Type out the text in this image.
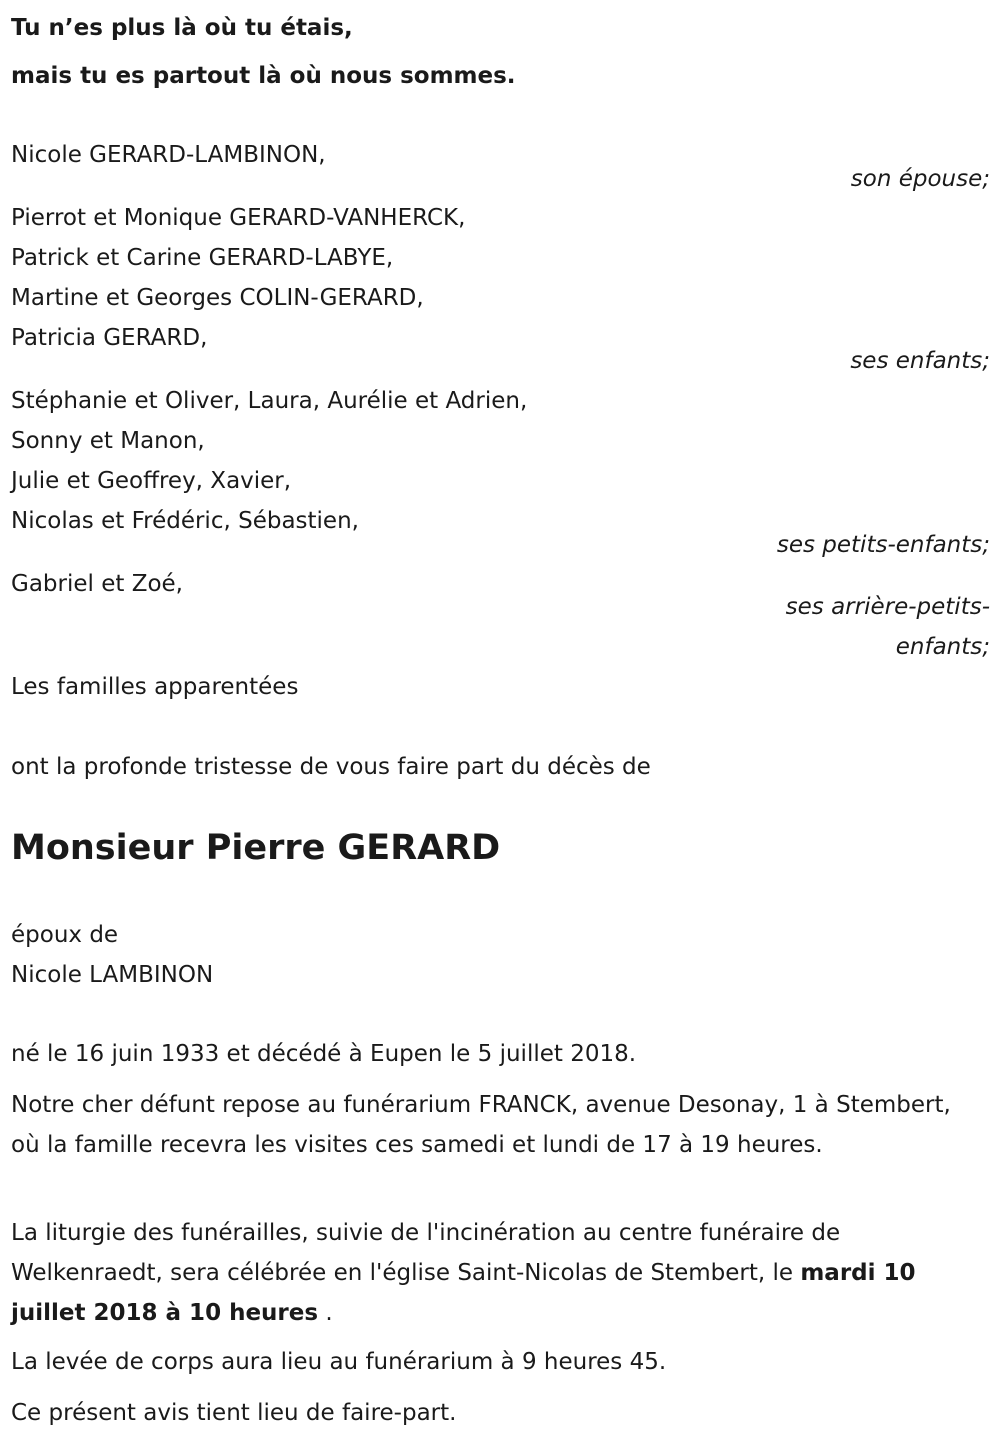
Tu n’es plus là où tu étais,
mais tu es partout là où nous sommes.
Nicole GERARD-LAMBINON,
son épouse;
Pierrot et Monique GERARD-VANHERCK,
Patrick et Carine GERARD-LABYE,
Martine et Georges COLIN-GERARD,
Patricia GERARD,
ses enfants;
Stéphanie et Oliver, Laura, Aurélie et Adrien,
Sonny et Manon,
Julie et Geoffrey, Xavier,
Nicolas et Frédéric, Sébastien,
ses petits-enfants;
Gabriel et Zoé,
ses arrière-petits-
enfants;
Les familles apparentées
ont la profonde tristesse de vous faire part du décès de
Monsieur Pierre GERARD
époux de
Nicole LAMBINON
né le 16 juin 1933 et décédé à Eupen le 5 juillet 2018.
Notre cher défunt repose au funérarium FRANCK, avenue Desonay, 1 à Stembert, où la famille recevra les visites ces samedi et lundi de 17 à 19 heures.
La liturgie des funérailles, suivie de l'incinération au centre funéraire de Welkenraedt, sera célébrée en l'église Saint-Nicolas de Stembert, le mardi 10 juillet 2018 à 10 heures .
La levée de corps aura lieu au funérarium à 9 heures 45.
Ce présent avis tient lieu de faire-part.
